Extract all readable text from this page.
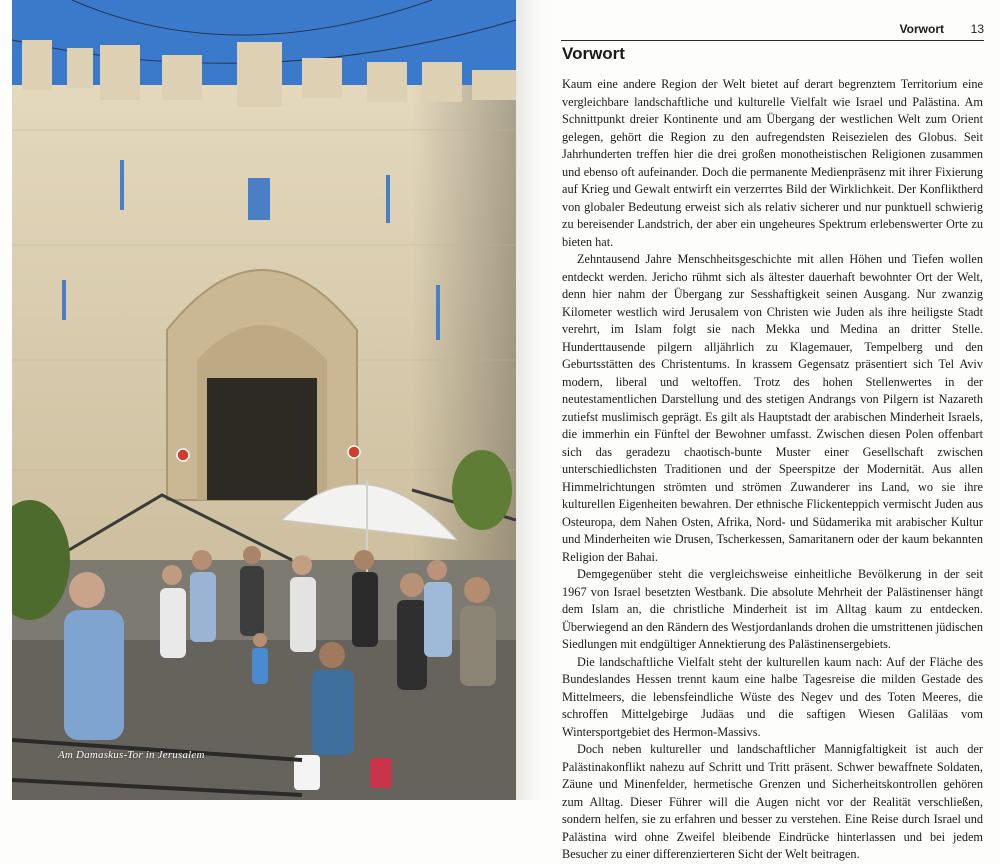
Am Damaskus-Tor in Jerusalem
Vorwort 13
Vorwort

Kaum eine andere Region der Welt bietet auf derart begrenztem Territorium eine vergleichbare landschaftliche und kulturelle Vielfalt wie Israel und Palästina. Am Schnittpunkt dreier Kontinente und am Übergang der westlichen Welt zum Orient gelegen, gehört die Region zu den aufregendsten Reisezielen des Globus. Seit Jahrhunderten treffen hier die drei großen monotheistischen Religionen zusammen und ebenso oft aufeinander. Doch die permanente Medienpräsenz mit ihrer Fixierung auf Krieg und Gewalt entwirft ein verzerrtes Bild der Wirklichkeit. Der Konfliktherd von globaler Bedeutung erweist sich als relativ sicherer und nur punktuell schwierig zu bereisender Landstrich, der aber ein ungeheures Spektrum erlebenswerter Orte zu bieten hat.

Zehntausend Jahre Menschheitsgeschichte mit allen Höhen und Tiefen wollen entdeckt werden. Jericho rühmt sich als ältester dauerhaft bewohnter Ort der Welt, denn hier nahm der Übergang zur Sesshaftigkeit seinen Ausgang. Nur zwanzig Kilometer westlich wird Jerusalem von Christen wie Juden als ihre heiligste Stadt verehrt, im Islam folgt sie nach Mekka und Medina an dritter Stelle. Hunderttausende pilgern alljährlich zu Klagemauer, Tempelberg und den Geburtsstätten des Christentums. In krassem Gegensatz präsentiert sich Tel Aviv modern, liberal und weltoffen. Trotz des hohen Stellenwertes in der neutestamentlichen Darstellung und des stetigen Andrangs von Pilgern ist Nazareth zutiefst muslimisch geprägt. Es gilt als Hauptstadt der arabischen Minderheit Israels, die immerhin ein Fünftel der Bewohner umfasst. Zwischen diesen Polen offenbart sich das geradezu chaotisch-bunte Muster einer Gesellschaft zwischen unterschiedlichsten Traditionen und der Speerspitze der Modernität. Aus allen Himmelrichtungen strömten und strömen Zuwanderer ins Land, wo sie ihre kulturellen Eigenheiten bewahren. Der ethnische Flickenteppich vermischt Juden aus Osteuropa, dem Nahen Osten, Afrika, Nord- und Südamerika mit arabischer Kultur und Minderheiten wie Drusen, Tscherkessen, Samaritanern oder der kaum bekannten Religion der Bahai.

Demgegenüber steht die vergleichsweise einheitliche Bevölkerung in der seit 1967 von Israel besetzten Westbank. Die absolute Mehrheit der Palästinenser hängt dem Islam an, die christliche Minderheit ist im Alltag kaum zu entdecken. Überwiegend an den Rändern des Westjordanlands drohen die umstrittenen jüdischen Siedlungen mit endgültiger Annektierung des Palästinensergebiets.

Die landschaftliche Vielfalt steht der kulturellen kaum nach: Auf der Fläche des Bundeslandes Hessen trennt kaum eine halbe Tagesreise die milden Gestade des Mittelmeers, die lebensfeindliche Wüste des Negev und des Toten Meeres, die schroffen Mittelgebirge Judäas und die saftigen Wiesen Galiläas vom Wintersportgebiet des Hermon-Massivs.

Doch neben kultureller und landschaftlicher Mannigfaltigkeit ist auch der Palästinakonflikt nahezu auf Schritt und Tritt präsent. Schwer bewaffnete Soldaten, Zäune und Minenfelder, hermetische Grenzen und Sicherheitskontrollen gehören zum Alltag. Dieser Führer will die Augen nicht vor der Realität verschließen, sondern helfen, sie zu erfahren und besser zu verstehen. Eine Reise durch Israel und Palästina wird ohne Zweifel bleibende Eindrücke hinterlassen und bei jedem Besucher zu einer differenzierteren Sicht der Welt beitragen.
